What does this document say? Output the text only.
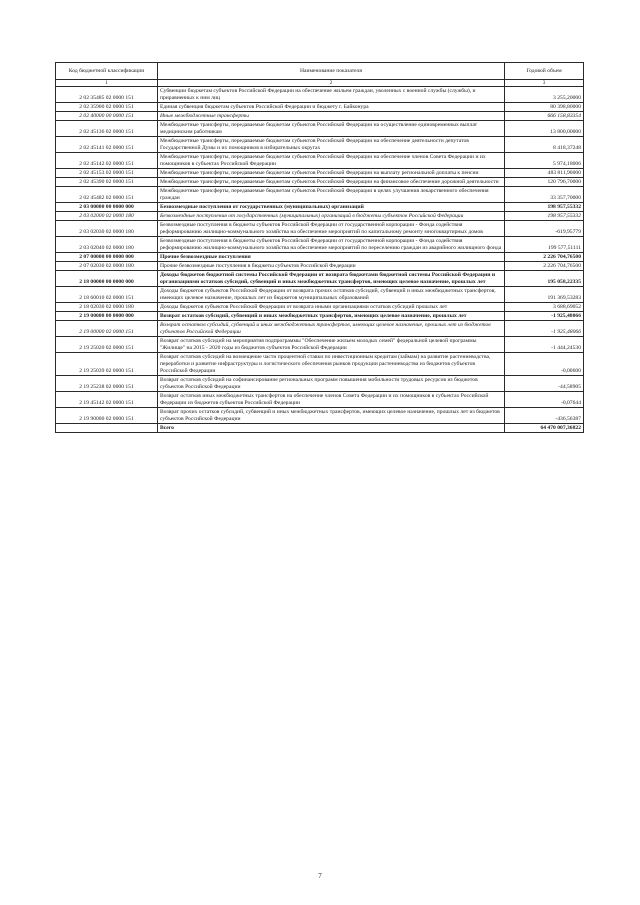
Код бюджетной классификации	Наименование показателя	Годовой объем
1	2	3
2 02 35485 02 0000 151	Субвенции бюджетам субъектов Российской Федерации на обеспечение жильем граждан, уволенных с военной службы (службы), и приравненных к ним лиц	3 255,20000
2 02 35900 02 0000 151	Единая субвенция бюджетам субъектов Российской Федерации и бюджету г. Байконура	80 398,80000
2 02 40000 00 0000 151	Иные межбюджетные трансферты	666 158,83354
2 02 45136 02 0000 151	Межбюджетные трансферты, передаваемые бюджетам субъектов Российской Федерации на осуществление единовременных выплат медицинским работникам	13 800,00000
2 02 45141 02 0000 151	Межбюджетные трансферты, передаваемые бюджетам субъектов Российской Федерации на обеспечение деятельности депутатов Государственной Думы и их помощников в избирательных округах	8 418,37248
2 02 45142 02 0000 151	Межбюджетные трансферты, передаваемые бюджетам субъектов Российской Федерации на обеспечение членов Совета Федерации и их помощников в субъектах Российской Федерации	5 974,18006
2 02 45153 02 0000 151	Межбюджетные трансферты, передаваемые бюджетам субъектов Российской Федерации на выплату региональной доплаты к пенсии	483 811,90000
2 02 45390 02 0000 151	Межбюджетные трансферты, передаваемые бюджетам субъектов Российской Федерации на финансовое обеспечение дорожной деятельности	120 796,70000
2 02 45482 02 0000 151	Межбюджетные трансферты, передаваемые бюджетам субъектов Российской Федерации в целях улучшения лекарственного обеспечения граждан	33 357,70000
2 03 00000 00 0000 000	Безвозмездные поступления от государственных (муниципальных) организаций	198 957,55332
2 03 02000 02 0000 180	Безвозмездные поступления от государственных (муниципальных) организаций в бюджеты субъектов Российской Федерации	198 957,55332
2 03 02030 02 0000 180	Безвозмездные поступления в бюджеты субъектов Российской Федерации от государственной корпорации - Фонда содействия реформированию жилищно-коммунального хозяйства на обеспечение мероприятий по капитальному ремонту многоквартирных домов	-619,95779
2 03 02040 02 0000 180	Безвозмездные поступления в бюджеты субъектов Российской Федерации от государственной корпорации - Фонда содействия реформированию жилищно-коммунального хозяйства на обеспечение мероприятий по переселению граждан из аварийного жилищного фонда	199 577,51111
2 07 00000 00 0000 000	Прочие безвозмездные поступления	2 226 704,76500
2 07 02030 02 0000 180	Прочие безвозмездные поступления в бюджеты субъектов Российской Федерации	2 226 704,76500
2 18 00000 00 0000 000	Доходы бюджетов бюджетной системы Российской Федерации от возврата бюджетами бюджетной системы Российской Федерации и организациями остатков субсидий, субвенций и иных межбюджетных трансфертов, имеющих целевое назначение, прошлых лет	195 058,22335
2 18 60010 02 0000 151	Доходы бюджетов субъектов Российской Федерации от возврата прочих остатков субсидий, субвенций и иных межбюджетных трансфертов, имеющих целевое назначение, прошлых лет из бюджетов муниципальных образований	191 369,53283
2 18 02030 02 0000 180	Доходы бюджетов субъектов Российской Федерации от возврата иными организациями остатков субсидий прошлых лет	3 688,69052
2 19 00000 00 0000 000	Возврат остатков субсидий, субвенций и иных межбюджетных трансфертов, имеющих целевое назначение, прошлых лет	-1 925,48066
2 19 00000 02 0000 151	Возврат остатков субсидий, субвенций и иных межбюджетных трансфертов, имеющих целевое назначение, прошлых лет из бюджетов субъектов Российской Федерации	-1 925,48066
2 19 25020 02 0000 151	Возврат остатков субсидий на мероприятия подпрограммы "Обеспечение жильем молодых семей" федеральной целевой программы "Жилище" на 2015 - 2020 годы из бюджетов субъектов Российской Федерации	-1 444,24530
2 19 25039 02 0000 151	Возврат остатков субсидий на возмещение части процентной ставки по инвестиционным кредитам (займам) на развитие растениеводства, переработки и развитие инфраструктуры и логистического обеспечения рынков продукции растениеводства из бюджетов субъектов Российской Федерации	-0,00600
2 19 25238 02 0000 151	Возврат остатков субсидий на софинансирование региональных программ повышения мобильности трудовых ресурсов из бюджетов субъектов Российской Федерации	-44,58905
2 19 45142 02 0000 151	Возврат остатков иных межбюджетных трансфертов на обеспечение членов Совета Федерации и их помощников в субъектах Российской Федерации из бюджетов субъектов Российской Федерации	-0,07644
2 19 90000 02 0000 151	Возврат прочих остатков субсидий, субвенций и иных межбюджетных трансфертов, имеющих целевое назначение, прошлых лет из бюджетов субъектов Российской Федерации	-436,56387
	Всего	64 470 007,36822
7
